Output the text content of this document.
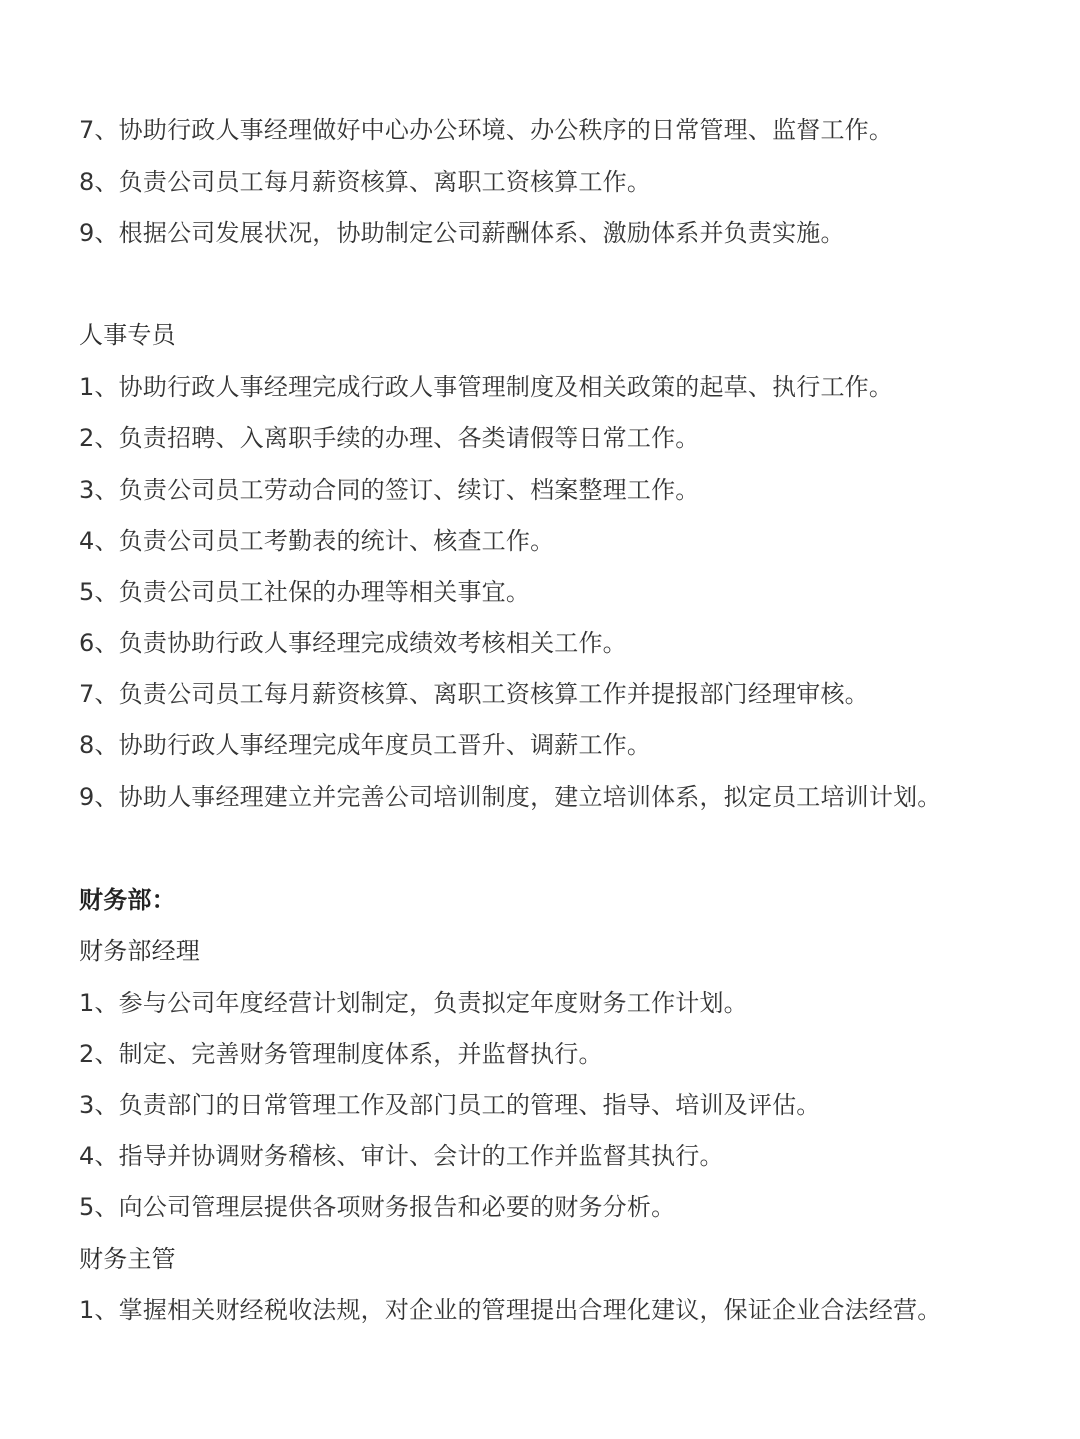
7、协助行政人事经理做好中心办公环境、办公秩序的日常管理、监督工作。
8、负责公司员工每月薪资核算、离职工资核算工作。
9、根据公司发展状况，协助制定公司薪酬体系、激励体系并负责实施。
人事专员
1、协助行政人事经理完成行政人事管理制度及相关政策的起草、执行工作。
2、负责招聘、入离职手续的办理、各类请假等日常工作。
3、负责公司员工劳动合同的签订、续订、档案整理工作。
4、负责公司员工考勤表的统计、核查工作。
5、负责公司员工社保的办理等相关事宜。
6、负责协助行政人事经理完成绩效考核相关工作。
7、负责公司员工每月薪资核算、离职工资核算工作并提报部门经理审核。
8、协助行政人事经理完成年度员工晋升、调薪工作。
9、协助人事经理建立并完善公司培训制度，建立培训体系，拟定员工培训计划。
财务部：
财务部经理
1、参与公司年度经营计划制定，负责拟定年度财务工作计划。
2、制定、完善财务管理制度体系，并监督执行。
3、负责部门的日常管理工作及部门员工的管理、指导、培训及评估。
4、指导并协调财务稽核、审计、会计的工作并监督其执行。
5、向公司管理层提供各项财务报告和必要的财务分析。
财务主管
1、掌握相关财经税收法规，对企业的管理提出合理化建议，保证企业合法经营。
